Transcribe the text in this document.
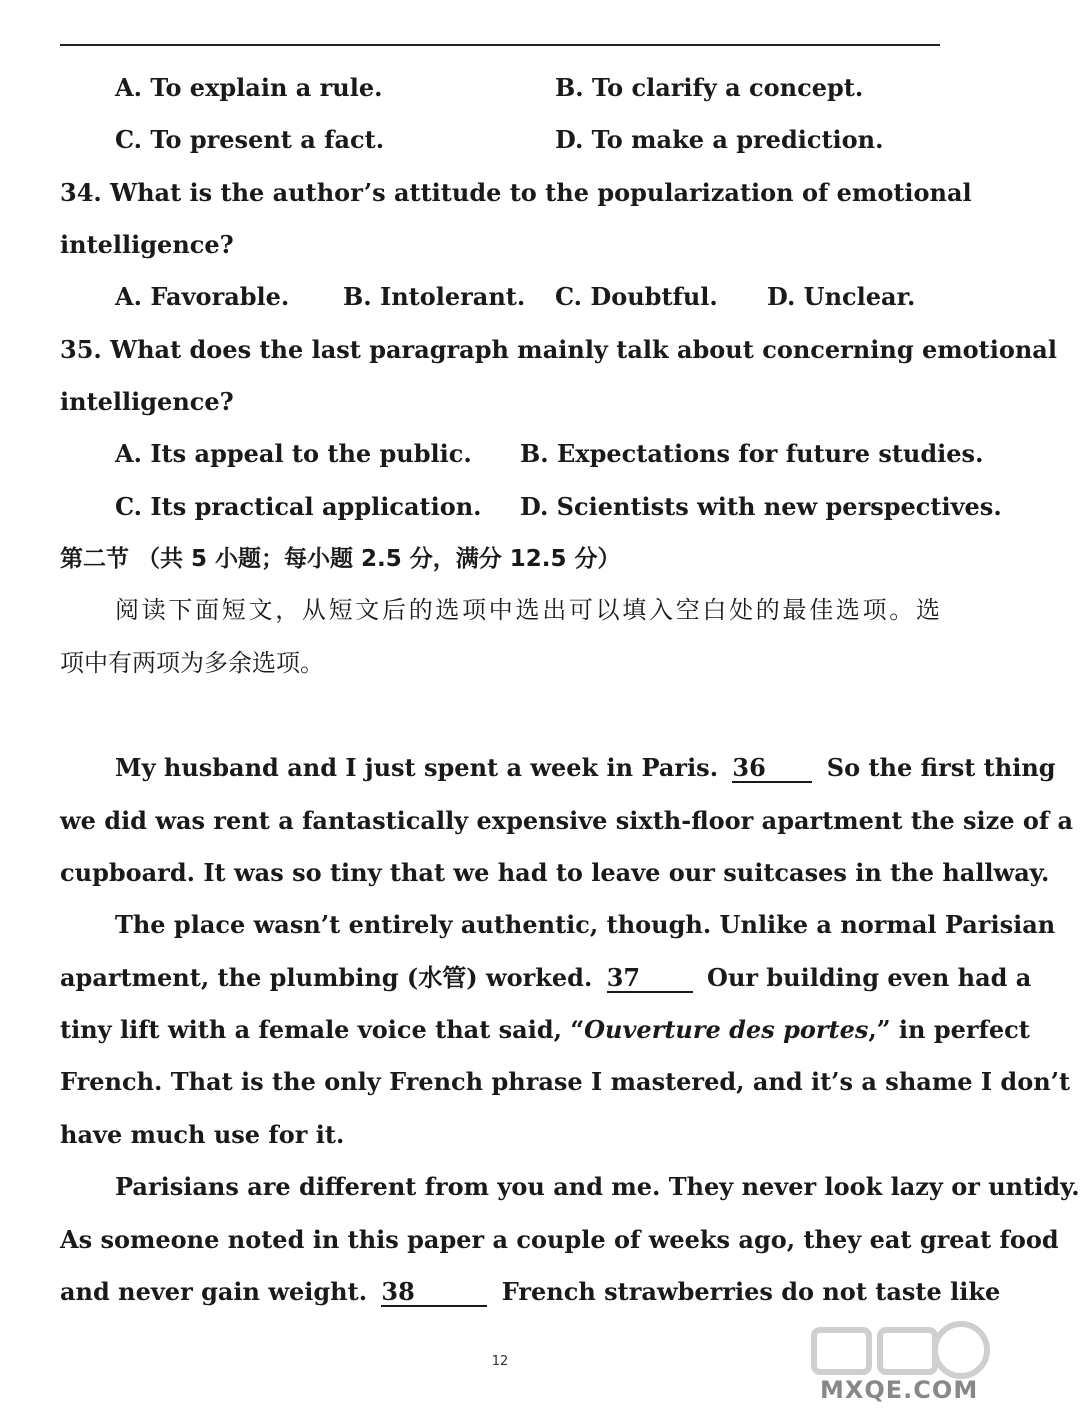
A. To explain a rule.	B. To clarify a concept.
C. To present a fact.	D. To make a prediction.
34. What is the author’s attitude to the popularization of emotional
intelligence?
A. Favorable. B. Intolerant. C. Doubtful. D. Unclear.
35. What does the last paragraph mainly talk about concerning emotional
intelligence?
A. Its appeal to the public. B. Expectations for future studies.
C. Its practical application. D. Scientists with new perspectives.
第二节 （共 5 小题；每小题 2.5 分，满分 12.5 分）
阅读下面短文，从短文后的选项中选出可以填入空白处的最佳选项。选
项中有两项为多余选项。
My husband and I just spent a week in Paris. 36	So the first thing
we did was rent a fantastically expensive sixth-floor apartment the size of a
cupboard. It was so tiny that we had to leave our suitcases in the hallway.
The place wasn’t entirely authentic, though. Unlike a normal Parisian
apartment, the plumbing (水管) worked. 37	Our building even had a
tiny lift with a female voice that said, “Ouverture des portes,” in perfect
French. That is the only French phrase I mastered, and it’s a shame I don’t
have much use for it.
Parisians are different from you and me. They never look lazy or untidy.
As someone noted in this paper a couple of weeks ago, they eat great food
and never gain weight. 38	French strawberries do not taste like
12
MXQE.COM
